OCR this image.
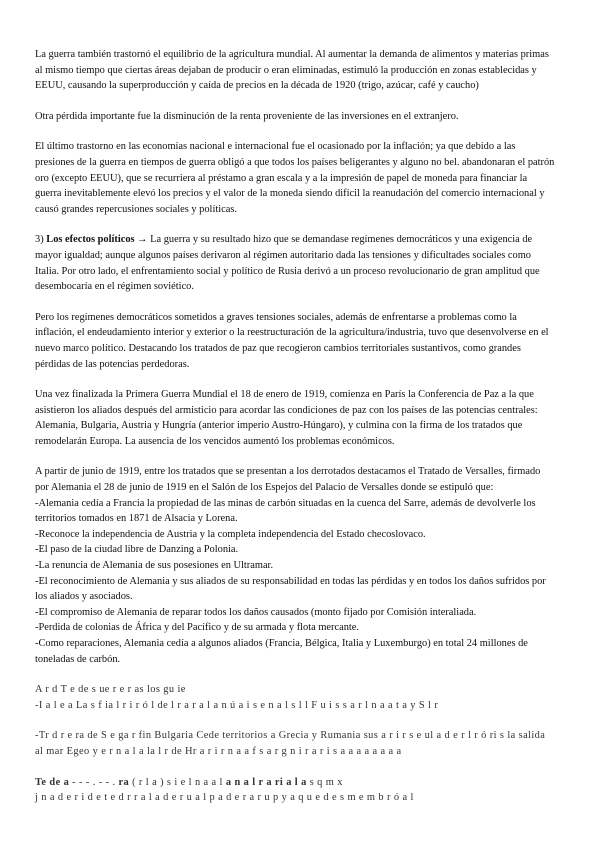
La guerra también trastornó el equilibrio de la agricultura mundial. Al aumentar la demanda de alimentos y materias primas al mismo tiempo que ciertas áreas dejaban de producir o eran eliminadas, estimuló la producción en zonas establecidas y EEUU, causando la superproducción y caída de precios en la década de 1920 (trigo, azúcar, café y caucho)

Otra pérdida importante fue la disminución de la renta proveniente de las inversiones en el extranjero.

El último trastorno en las economías nacional e internacional fue el ocasionado por la inflación; ya que debido a las presiones de la guerra en tiempos de guerra obligó a que todos los países beligerantes y alguno no bel. abandonaran el patrón oro (excepto EEUU), que se recurriera al préstamo a gran escala y a la impresión de papel de moneda para financiar la guerra inevitablemente elevó los precios y el valor de la moneda siendo difícil la reanudación del comercio internacional y causó grandes repercusiones sociales y políticas.

3) Los efectos políticos → La guerra y su resultado hizo que se demandase regímenes democráticos y una exigencia de mayor igualdad; aunque algunos países derivaron al régimen autoritario dada las tensiones y dificultades sociales como Italia. Por otro lado, el enfrentamiento social y político de Rusia derivó a un proceso revolucionario de gran amplitud que desembocaría en el régimen soviético.

Pero los regímenes democráticos sometidos a graves tensiones sociales, además de enfrentarse a problemas como la inflación, el endeudamiento interior y exterior o la reestructuración de la agricultura/industria, tuvo que desenvolverse en el nuevo marco político. Destacando los tratados de paz que recogieron cambios territoriales sustantivos, como grandes pérdidas de las potencias perdedoras.

Una vez finalizada la Primera Guerra Mundial el 18 de enero de 1919, comienza en París la Conferencia de Paz a la que asistieron los aliados después del armisticio para acordar las condiciones de paz con los países de las potencias centrales: Alemania, Bulgaria, Austria y Hungría (anterior imperio Austro-Húngaro), y culmina con la firma de los tratados que remodelarán Europa. La ausencia de los vencidos aumentó los problemas económicos.

A partir de junio de 1919, entre los tratados que se presentan a los derrotados destacamos el Tratado de Versalles, firmado por Alemania el 28 de junio de 1919 en el Salón de los Espejos del Palacio de Versalles donde se estipuló que:

-Alemania cedía a Francia la propiedad de las minas de carbón situadas en la cuenca del Sarre, además de devolverle los territorios tomados en 1871 de Alsacia y Lorena.

-Reconoce la independencia de Austria y la completa independencia del Estado checoslovaco.

-El paso de la ciudad libre de Danzing a Polonia.

-La renuncia de Alemania de sus posesiones en Ultramar.

-El reconocimiento de Alemania y sus aliados de su responsabilidad en todas las pérdidas y en todos los daños sufridos por los aliados y asociados.

-El compromiso de Alemania de reparar todos los daños causados (monto fijado por Comisión interaliada.

-Perdida de colonias de África y del Pacífico y de su armada y flota mercante.

-Como reparaciones, Alemania cedía a algunos aliados (Francia, Bélgica, Italia y Luxemburgo) en total 24 millones de toneladas de carbón.

A r d T e de s ue r e r as los gu ie

-I a l e a La s f ia l r i r ó l de l r a r a l a n ú a i s e n a l s l l F u i s s a r l n a a t a y S l r

-Tr d r e ra de S e ga r fin Bulgaria Cede territorios a Grecia y Rumania sus a r i r s e ul a d e r l r ó ri s la salida al mar Egeo y e r n a l a la l r de Hr a r i r n a a f s a r g n i r a r i s a a a a a a a a

Te de a - - - . - - . ra ( r l a ) s i e l n a a l a n a l r a ri a l a s q m x
j n a d e r i d e t e d r r a l a d e r u a l p a d e r a r u p y a q u e d e s m e m b r ó a l
